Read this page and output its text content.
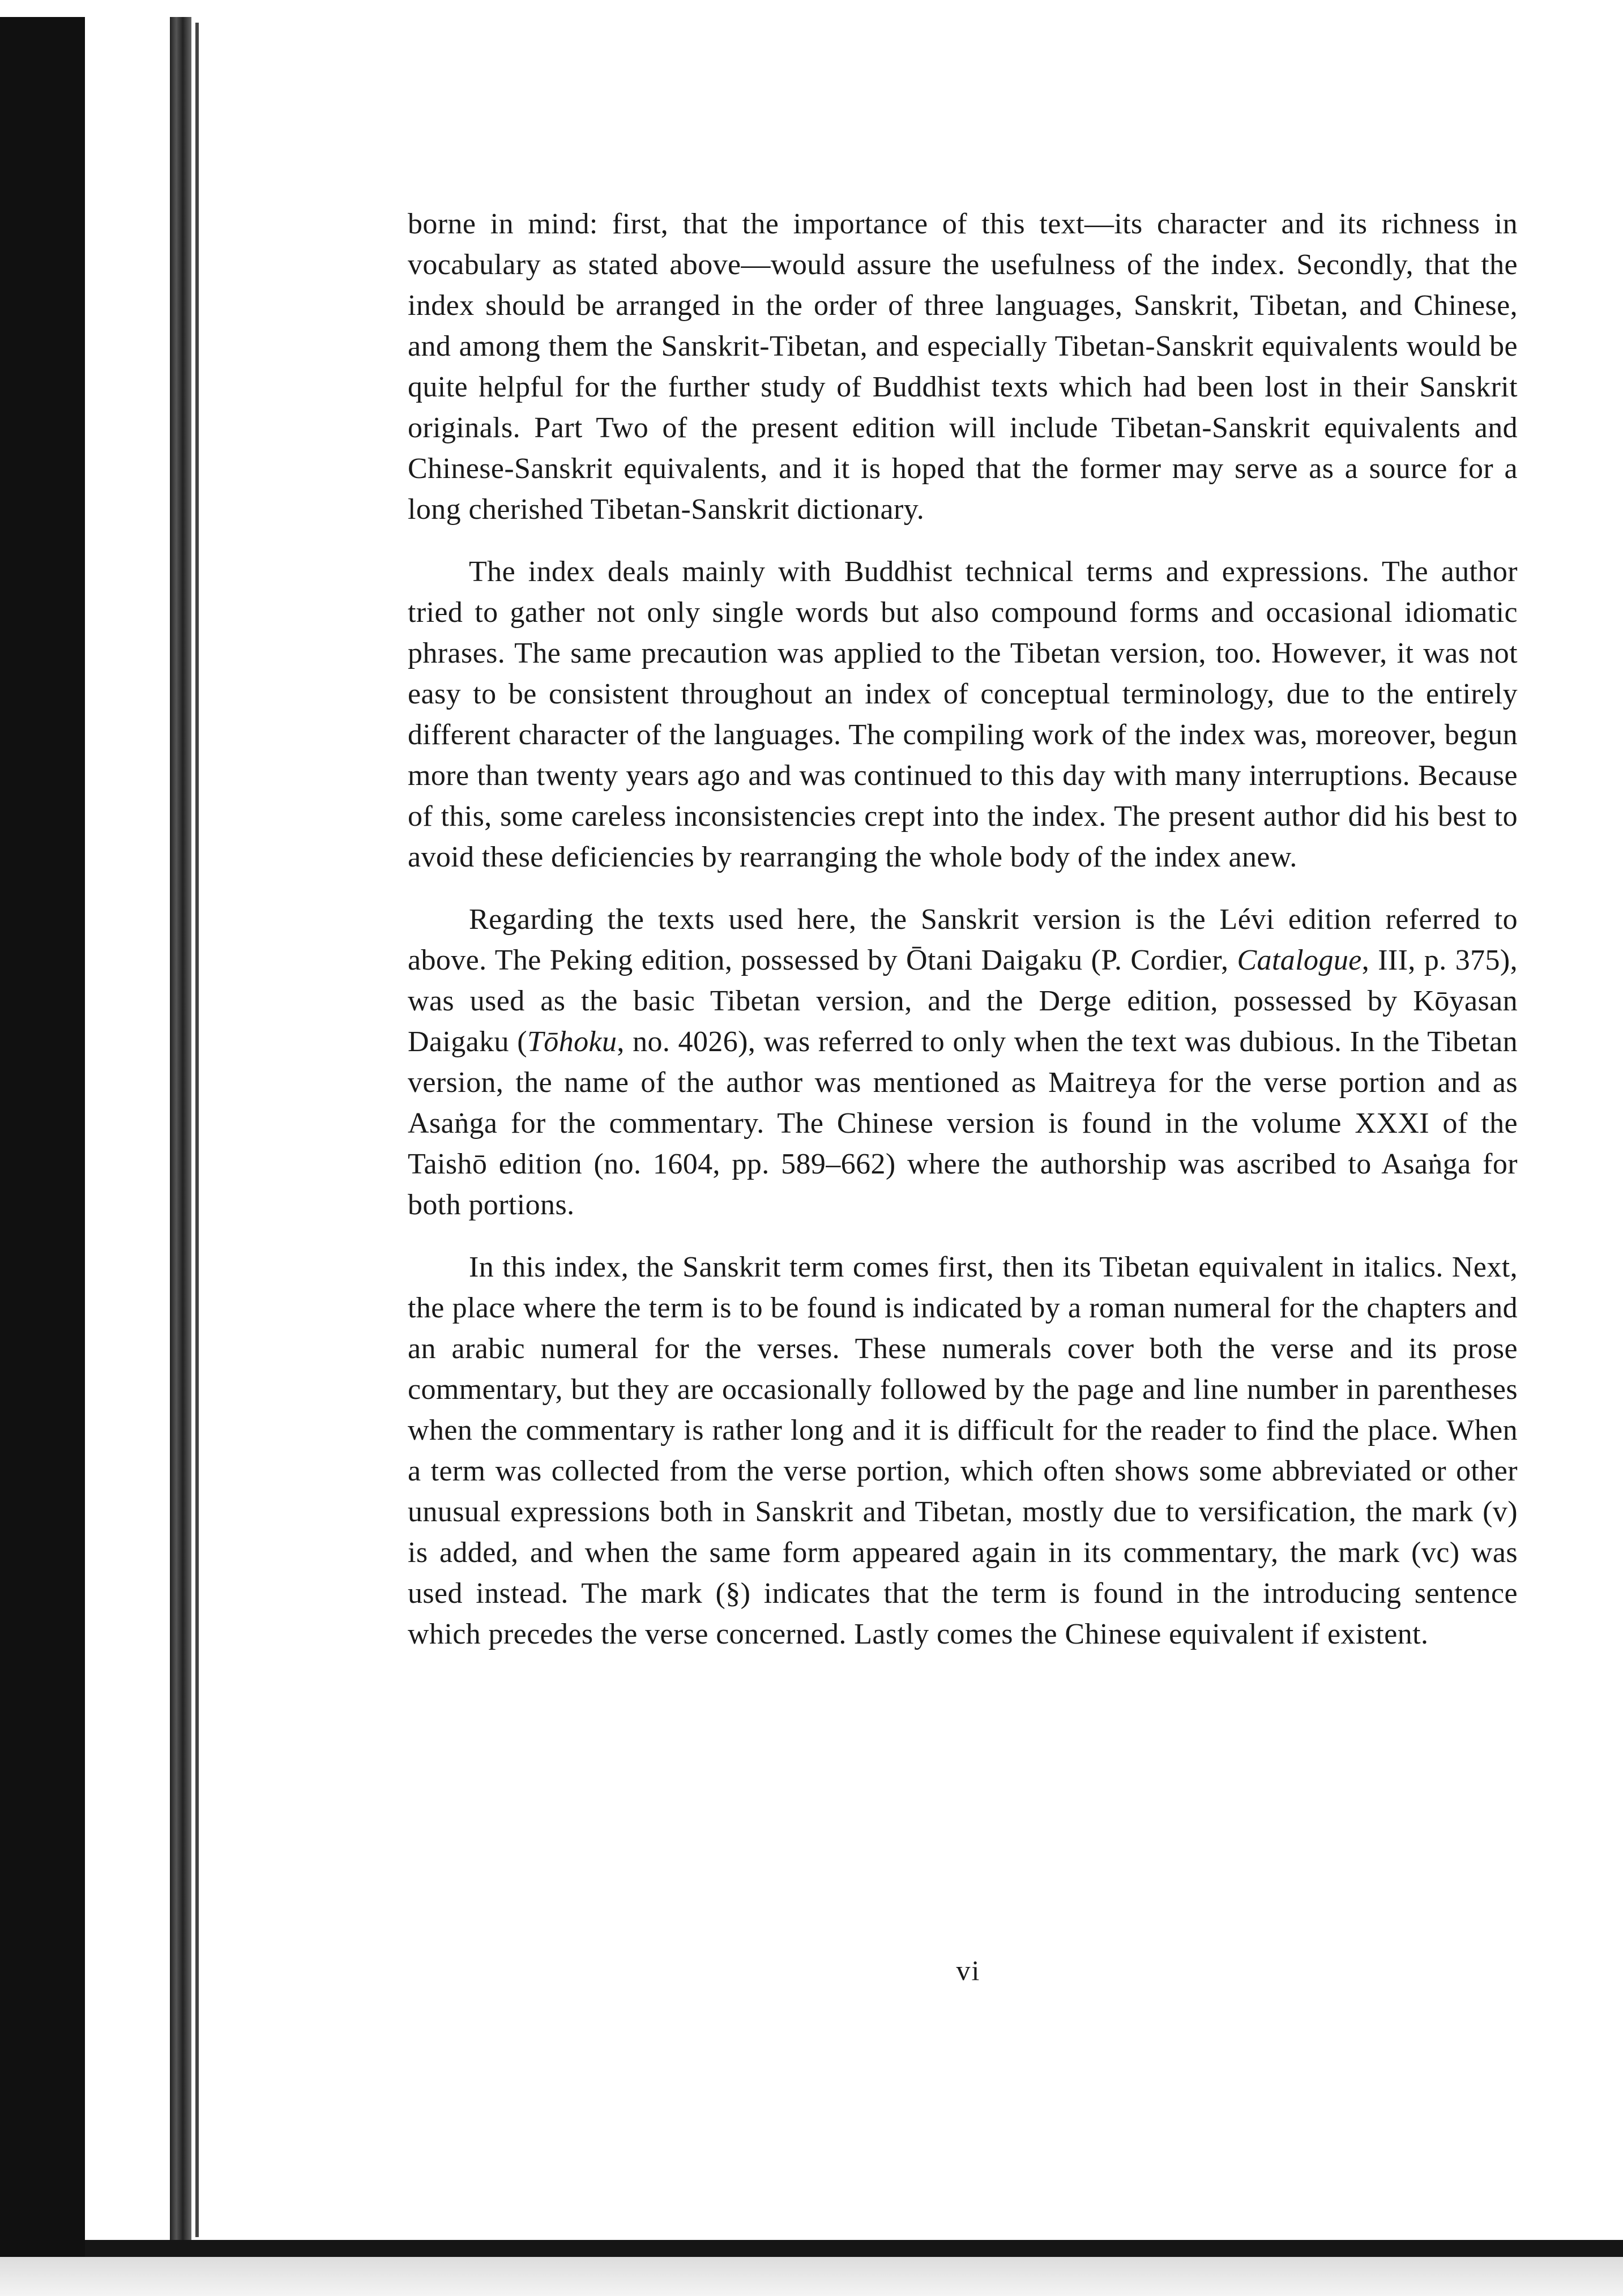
borne in mind: first, that the importance of this text—its character and its richness in vocabulary as stated above—would assure the usefulness of the index. Secondly, that the index should be arranged in the order of three languages, Sanskrit, Tibetan, and Chinese, and among them the Sanskrit-Tibetan, and especially Tibetan-Sanskrit equivalents would be quite helpful for the further study of Buddhist texts which had been lost in their Sanskrit originals. Part Two of the present edition will include Tibetan-Sanskrit equivalents and Chinese-Sanskrit equivalents, and it is hoped that the former may serve as a source for a long cherished Tibetan-Sanskrit dictionary.

The index deals mainly with Buddhist technical terms and expressions. The author tried to gather not only single words but also compound forms and occasional idiomatic phrases. The same precaution was applied to the Tibetan version, too. However, it was not easy to be consistent throughout an index of conceptual terminology, due to the entirely different character of the languages. The compiling work of the index was, moreover, begun more than twenty years ago and was continued to this day with many interruptions. Because of this, some careless inconsistencies crept into the index. The present author did his best to avoid these deficiencies by rearranging the whole body of the index anew.

Regarding the texts used here, the Sanskrit version is the Lévi edition referred to above. The Peking edition, possessed by Ōtani Daigaku (P. Cordier, Catalogue, III, p. 375), was used as the basic Tibetan version, and the Derge edition, possessed by Kōyasan Daigaku (Tōhoku, no. 4026), was referred to only when the text was dubious. In the Tibetan version, the name of the author was mentioned as Maitreya for the verse portion and as Asaṅga for the commentary. The Chinese version is found in the volume XXXI of the Taishō edition (no. 1604, pp. 589–662) where the authorship was ascribed to Asaṅga for both portions.

In this index, the Sanskrit term comes first, then its Tibetan equivalent in italics. Next, the place where the term is to be found is indicated by a roman numeral for the chapters and an arabic numeral for the verses. These numerals cover both the verse and its prose commentary, but they are occasionally followed by the page and line number in parentheses when the commentary is rather long and it is difficult for the reader to find the place. When a term was collected from the verse portion, which often shows some abbreviated or other unusual expressions both in Sanskrit and Tibetan, mostly due to versification, the mark (v) is added, and when the same form appeared again in its commentary, the mark (vc) was used instead. The mark (§) indicates that the term is found in the introducing sentence which precedes the verse concerned. Lastly comes the Chinese equivalent if existent.

vi
